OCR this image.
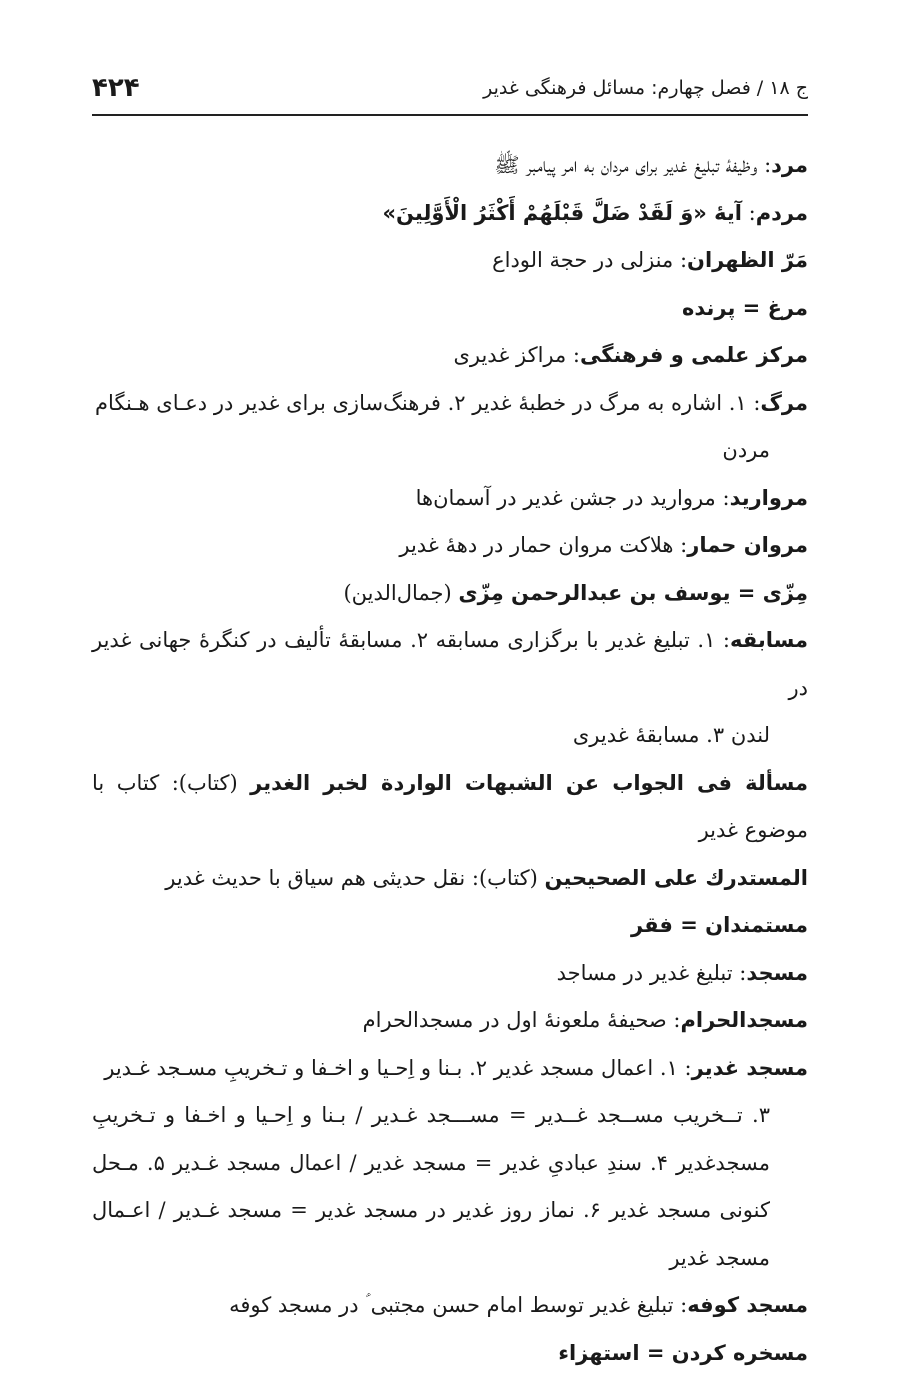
ج ۱۸ / فصل چهارم: مسائل فرهنگی غدیر
۴۲۴
مرد: وظیفهٔ تبلیغ غدیر برای مردان به امر پیامبر ﷺ
مردم: آیهٔ «وَ لَقَدْ ضَلَّ قَبْلَهُمْ أَكْثَرُ الْأَوَّلِينَ»
مَرّ الظهران: منزلی در حجة الوداع
مرغ = پرنده
مرکز علمی و فرهنگی: مراکز غدیری
مرگ: ۱. اشاره به مرگ در خطبهٔ غدیر ۲. فرهنگ‌سازی برای غدیر در دعـای هـنگام
مردن
مروارید: مروارید در جشن غدیر در آسمان‌ها
مروان حمار: هلاکت مروان حمار در دههٔ غدیر
مِزّی = یوسف بن عبدالرحمن مِزّی (جمال‌الدین)
مسابقه: ۱. تبلیغ غدیر با برگزاری مسابقه ۲. مسابقهٔ تألیف در کنگرهٔ جهانی غدیر در
لندن ۳. مسابقهٔ غدیری
مسألة فی الجواب عن الشبهات الواردة لخبر الغدیر (کتاب): کتاب با موضوع غدیر
المستدرك علی الصحیحین (کتاب): نقل حدیثی هم سیاق با حدیث غدیر
مستمندان = فقر
مسجد: تبلیغ غدیر در مساجد
مسجدالحرام: صحیفهٔ ملعونهٔ اول در مسجدالحرام
مسجد غدیر: ۱. اعمال مسجد غدیر ۲. بـنا و اِحـیا و اخـفا و تـخریبِ مسـجد غـدیر
۳. تــخریب مســجد غــدیر = مســـجد غـدیر / بـنا و اِحـیا و اخـفا و تـخریبِ مسجدغدیر ۴. سندِ عبادیِ غدیر = مسجد غدیر / اعمال مسجد غـدیر ۵. مـحل کنونی مسجد غدیر ۶. نماز روز غدیر در مسجد غدیر = مسجد غـدیر / اعـمال مسجد غدیر
مسجد کوفه: تبلیغ غدیر توسط امام حسن مجتبی ؑ در مسجد کوفه
مسخره کردن = استهزاء
